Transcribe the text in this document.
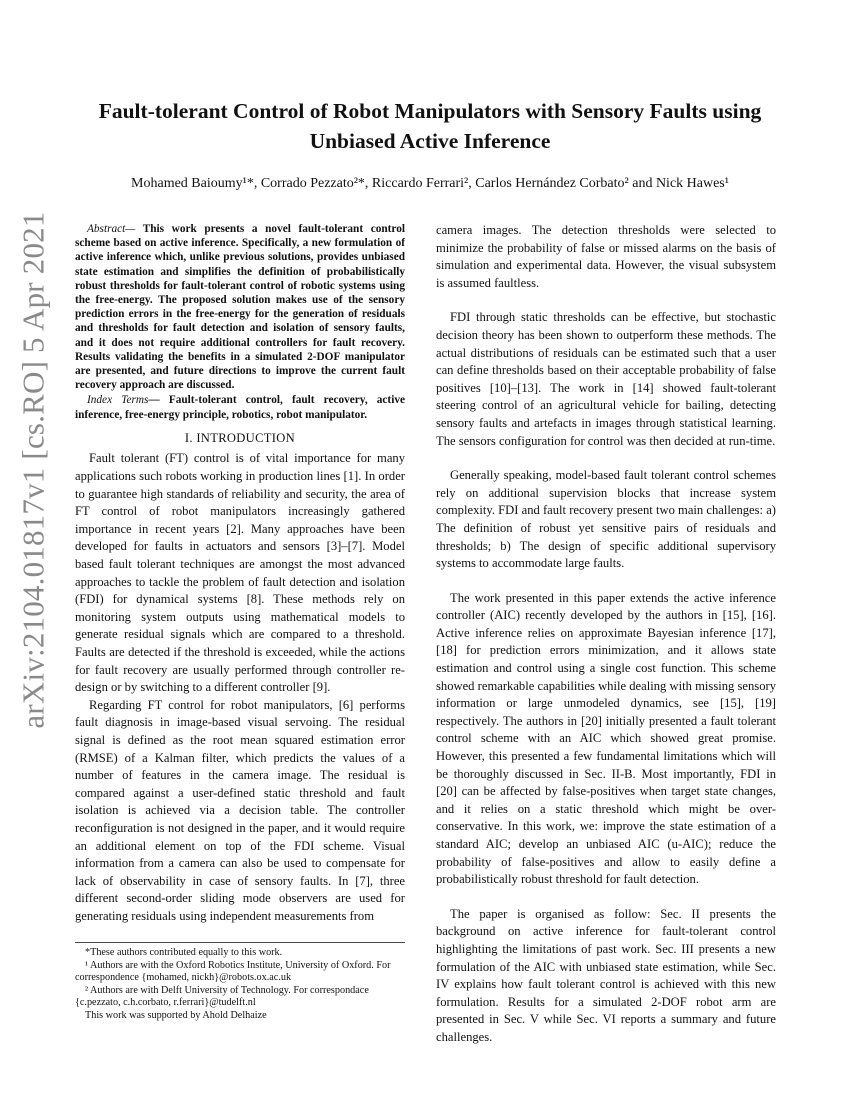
arXiv:2104.01817v1 [cs.RO] 5 Apr 2021
Fault-tolerant Control of Robot Manipulators with Sensory Faults using
Unbiased Active Inference
Mohamed Baioumy¹*, Corrado Pezzato²*, Riccardo Ferrari², Carlos Hernández Corbato² and Nick Hawes¹

Abstract— This work presents a novel fault-tolerant control scheme based on active inference. Specifically, a new formulation of active inference which, unlike previous solutions, provides unbiased state estimation and simplifies the definition of probabilistically robust thresholds for fault-tolerant control of robotic systems using the free-energy. The proposed solution makes use of the sensory prediction errors in the free-energy for the generation of residuals and thresholds for fault detection and isolation of sensory faults, and it does not require additional controllers for fault recovery. Results validating the benefits in a simulated 2-DOF manipulator are presented, and future directions to improve the current fault recovery approach are discussed.

Index Terms— Fault-tolerant control, fault recovery, active inference, free-energy principle, robotics, robot manipulator.

I. INTRODUCTION

Fault tolerant (FT) control is of vital importance for many applications such robots working in production lines [1]. In order to guarantee high standards of reliability and security, the area of FT control of robot manipulators increasingly gathered importance in recent years [2]. Many approaches have been developed for faults in actuators and sensors [3]–[7]. Model based fault tolerant techniques are amongst the most advanced approaches to tackle the problem of fault detection and isolation (FDI) for dynamical systems [8]. These methods rely on monitoring system outputs using mathematical models to generate residual signals which are compared to a threshold. Faults are detected if the threshold is exceeded, while the actions for fault recovery are usually performed through controller re-design or by switching to a different controller [9].

Regarding FT control for robot manipulators, [6] performs fault diagnosis in image-based visual servoing. The residual signal is defined as the root mean squared estimation error (RMSE) of a Kalman filter, which predicts the values of a number of features in the camera image. The residual is compared against a user-defined static threshold and fault isolation is achieved via a decision table. The controller reconfiguration is not designed in the paper, and it would require an additional element on top of the FDI scheme. Visual information from a camera can also be used to compensate for lack of observability in case of sensory faults. In [7], three different second-order sliding mode observers are used for generating residuals using independent measurements from

*These authors contributed equally to this work.

¹ Authors are with the Oxford Robotics Institute, University of Oxford. For correspondence {mohamed, nickh}@robots.ox.ac.uk

² Authors are with Delft University of Technology. For correspondace {c.pezzato, c.h.corbato, r.ferrari}@tudelft.nl

This work was supported by Ahold Delhaize

camera images. The detection thresholds were selected to minimize the probability of false or missed alarms on the basis of simulation and experimental data. However, the visual subsystem is assumed faultless.

FDI through static thresholds can be effective, but stochastic decision theory has been shown to outperform these methods. The actual distributions of residuals can be estimated such that a user can define thresholds based on their acceptable probability of false positives [10]–[13]. The work in [14] showed fault-tolerant steering control of an agricultural vehicle for bailing, detecting sensory faults and artefacts in images through statistical learning. The sensors configuration for control was then decided at run-time.

Generally speaking, model-based fault tolerant control schemes rely on additional supervision blocks that increase system complexity. FDI and fault recovery present two main challenges: a) The definition of robust yet sensitive pairs of residuals and thresholds; b) The design of specific additional supervisory systems to accommodate large faults.

The work presented in this paper extends the active inference controller (AIC) recently developed by the authors in [15], [16]. Active inference relies on approximate Bayesian inference [17], [18] for prediction errors minimization, and it allows state estimation and control using a single cost function. This scheme showed remarkable capabilities while dealing with missing sensory information or large unmodeled dynamics, see [15], [19] respectively. The authors in [20] initially presented a fault tolerant control scheme with an AIC which showed great promise. However, this presented a few fundamental limitations which will be thoroughly discussed in Sec. II-B. Most importantly, FDI in [20] can be affected by false-positives when target state changes, and it relies on a static threshold which might be over-conservative. In this work, we: improve the state estimation of a standard AIC; develop an unbiased AIC (u-AIC); reduce the probability of false-positives and allow to easily define a probabilistically robust threshold for fault detection.

The paper is organised as follow: Sec. II presents the background on active inference for fault-tolerant control highlighting the limitations of past work. Sec. III presents a new formulation of the AIC with unbiased state estimation, while Sec. IV explains how fault tolerant control is achieved with this new formulation. Results for a simulated 2-DOF robot arm are presented in Sec. V while Sec. VI reports a summary and future challenges.
